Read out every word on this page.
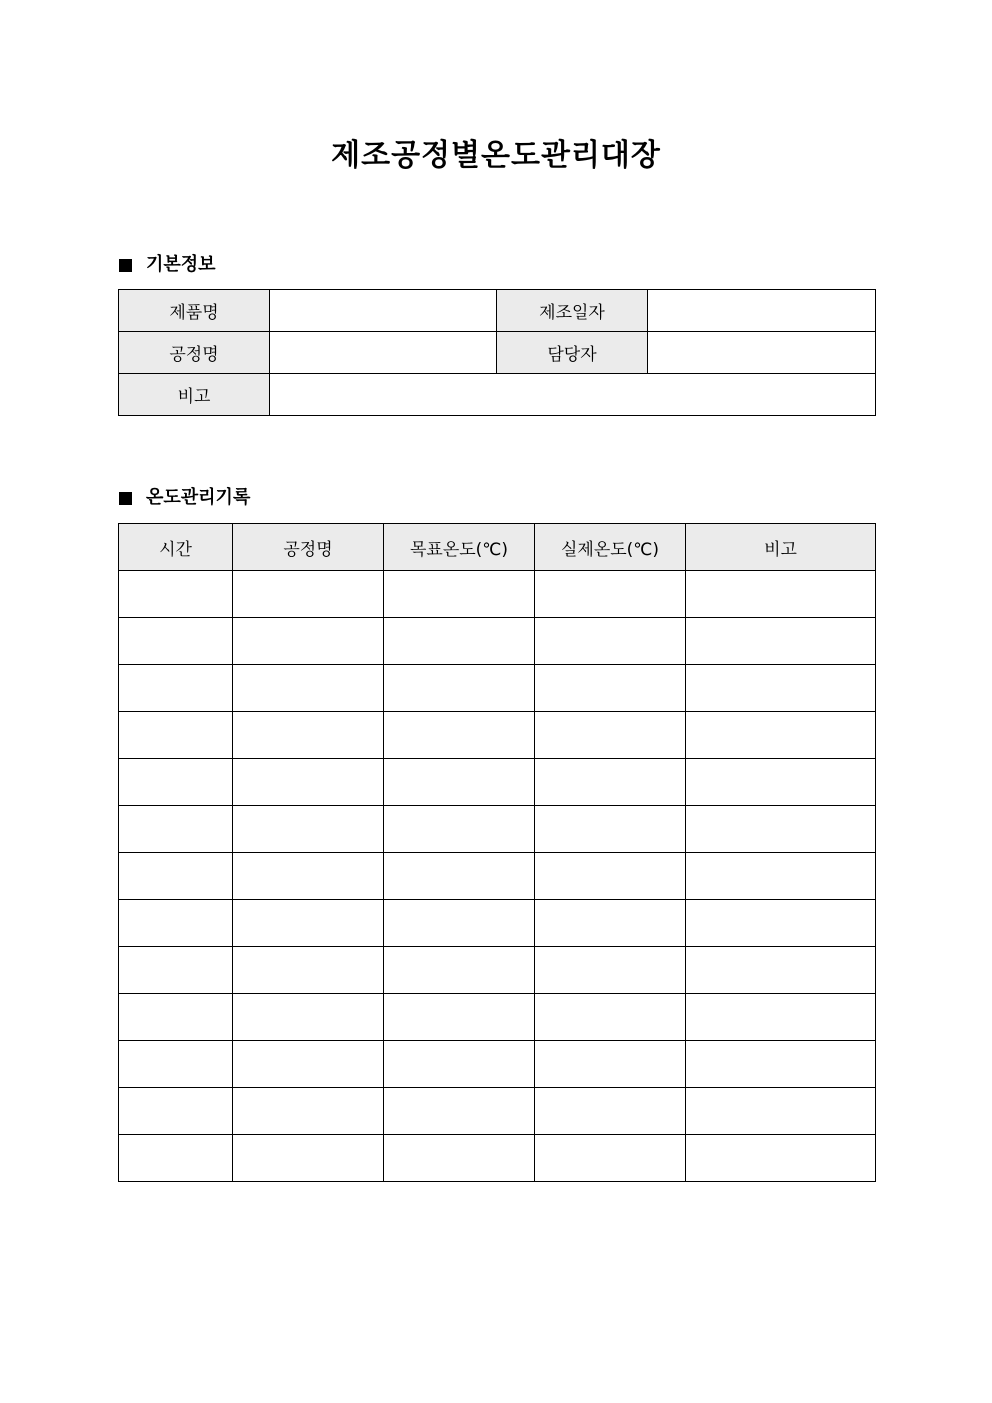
제조공정별온도관리대장
기본정보
제품명		제조일자	
공정명		담당자	
비고			
온도관리기록
시간	공정명	목표온도(℃)	실제온도(℃)	비고
